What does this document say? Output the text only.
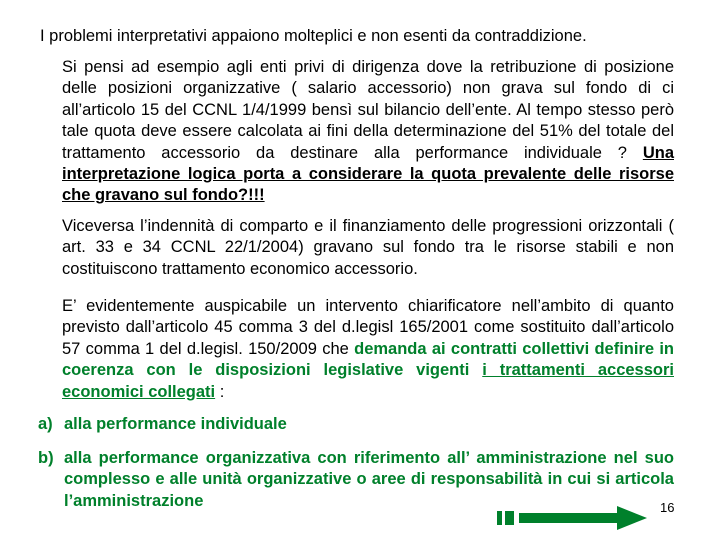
I problemi interpretativi appaiono molteplici e non esenti da contraddizione.
Si pensi ad esempio agli enti privi di dirigenza dove la retribuzione di posizione delle posizioni organizzative ( salario accessorio) non grava sul fondo di ci all’articolo 15 del CCNL 1/4/1999 bensì sul bilancio dell’ente. Al tempo stesso però tale quota deve essere calcolata ai fini della determinazione del 51% del totale del trattamento accessorio da destinare alla performance individuale ? Una interpretazione logica porta a considerare la quota prevalente delle risorse che gravano sul fondo?!!!
Viceversa l’indennità di comparto e il finanziamento delle progressioni orizzontali ( art. 33 e 34 CCNL 22/1/2004) gravano sul fondo tra le risorse stabili e non costituiscono trattamento economico accessorio.
E’ evidentemente auspicabile un intervento chiarificatore nell’ambito di quanto previsto dall’articolo 45 comma 3 del d.legisl 165/2001 come sostituito dall’articolo 57 comma 1 del d.legisl. 150/2009 che demanda ai contratti collettivi definire in coerenza con le disposizioni legislative vigenti i trattamenti accessori economici collegati :
a) alla performance individuale
b) alla performance organizzativa con riferimento all’ amministrazione nel suo complesso e alle unità organizzative o aree di responsabilità in cui si articola l’amministrazione	16
